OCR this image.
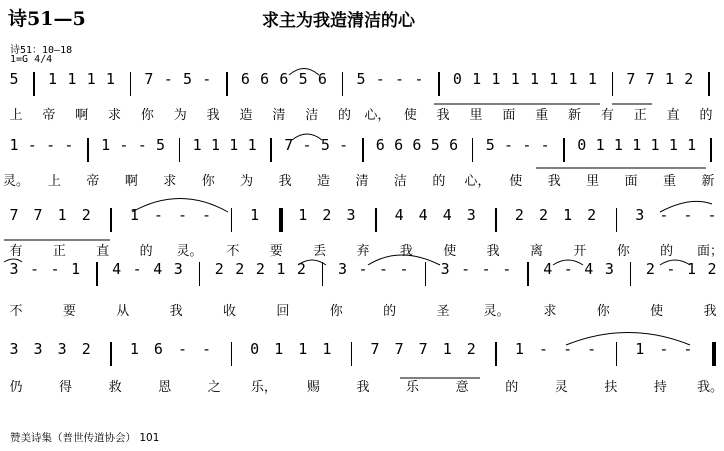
诗51—5	求主为我造清洁的心
诗51：10—18
1=G 4/4
5 1 1 1 1 7 - 5 - 6 6 6 5 6 5 - - - 0 1 1 1 1 1 1 1 7 7 1 2
上 帝 啊 求 你 为 我 造 清 洁 的 心， 使 我 里 面 重 新 有 正 直 的
1 - - - 1 - - 5 1 1 1 1 7 - 5 - 6 6 6 5 6 5 - - - 0 1 1 1 1 1 1
灵。 上 帝 啊 求 你 为 我 造 清 洁 的 心， 使 我 里 面 重 新
7 7 1 2	1 - - -	1	1 2 3	4 4 4 3	2 2 1 2	3 - - -
有 正 直 的 灵。 不 要 丢 弃 我 使 我 离 开 你 的 面；
3 - - 1 4 - 4 3 2 2 2 1 2 3 - - - 3 - - - 4 - 4 3 2 - 1 2
不	要	从	我	收	回	你	的	圣	灵。	求	你	使	我
3 3 3 2	1 6 - -	0 1 1 1	7 7 7 1 2	1 - - -	1 - -
仍	得	救	恩	之 乐， 赐	我	乐	意	的	灵	扶	持 我。
赞美诗集（普世传道协会） 101
